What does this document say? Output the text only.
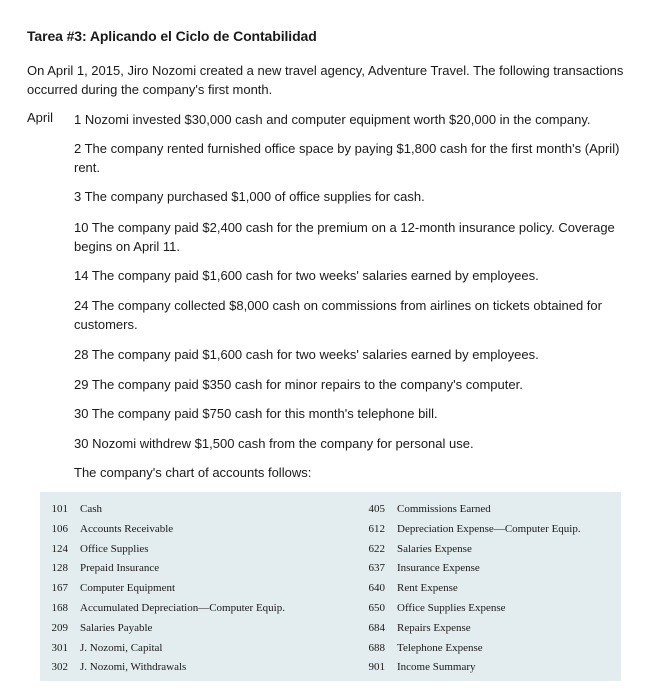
Tarea #3: Aplicando el Ciclo de Contabilidad
On April 1, 2015, Jiro Nozomi created a new travel agency, Adventure Travel. The following transactions occurred during the company's first month.
April 1 Nozomi invested $30,000 cash and computer equipment worth $20,000 in the company.
2 The company rented furnished office space by paying $1,800 cash for the first month's (April) rent.
3 The company purchased $1,000 of office supplies for cash.
10 The company paid $2,400 cash for the premium on a 12-month insurance policy. Coverage begins on April 11.
14 The company paid $1,600 cash for two weeks' salaries earned by employees.
24 The company collected $8,000 cash on commissions from airlines on tickets obtained for customers.
28 The company paid $1,600 cash for two weeks' salaries earned by employees.
29 The company paid $350 cash for minor repairs to the company's computer.
30 The company paid $750 cash for this month's telephone bill.
30 Nozomi withdrew $1,500 cash from the company for personal use.
The company's chart of accounts follows:
101 Cash
106 Accounts Receivable
124 Office Supplies
128 Prepaid Insurance
167 Computer Equipment
168 Accumulated Depreciation—Computer Equip.
209 Salaries Payable
301 J. Nozomi, Capital
302 J. Nozomi, Withdrawals
405 Commissions Earned
612 Depreciation Expense—Computer Equip.
622 Salaries Expense
637 Insurance Expense
640 Rent Expense
650 Office Supplies Expense
684 Repairs Expense
688 Telephone Expense
901 Income Summary
